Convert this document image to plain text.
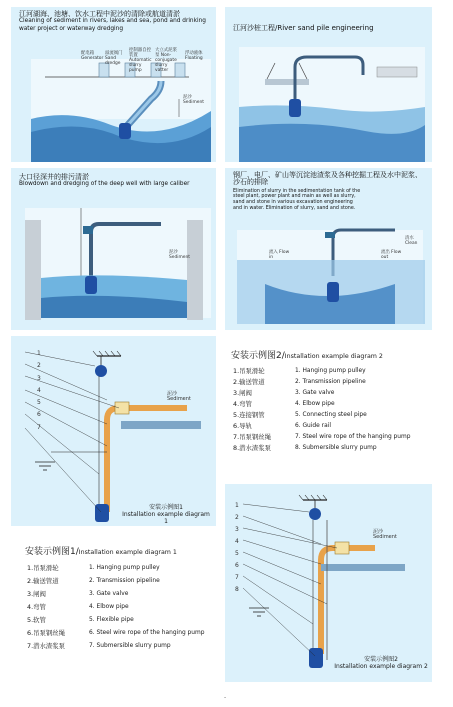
江河湖海、池塘、饮水工程中泥沙的清除或航道清淤
Cleaning of sediment in rivers, lakes and sea, pond and drinking water project or waterway dredging
泥沙
Sediment
配电箱 Generator
溢流阀门 Sand dredge
控制器自控装置 Automatic slurry pump
大立式泥浆泵 Non-conjugate slurry vatter
浮动液体 Floating
江河沙桩工程/River sand pile engineering
大口径深井的排污清淤
Blowdown and dredging of the deep well with large caliber
泥沙
Sediment
钢厂、电厂、矿山等沉淀池渣浆及各种挖掘工程及水中泥浆、沙石的排除
Elimination of slurry in the sedimentation tank of the steel plant, power plant and main as well as slurry, sand and stone in various excavation engineering and in water. Elimination of slurry, sand and stone.
流入 Flow in
流出 Flow out
清水 Clean
1
2
3
4
5
6
7
泥沙
Sediment
安装示例图1
Installation example diagram 1
安装示例图2/Installation example diagram 2
1.吊泵滑轮	1. Hanging pump pulley
2.输送管道	2. Transmission pipeline
3.闸阀	3. Gate valve
4.弯管	4. Elbow pipe
5.连接钢管	5. Connecting steel pipe
6.导轨	6. Guide rail
7.吊泵钢丝绳	7. Steel wire rope of the hanging pump
8.潜水渣浆泵	8. Submersible slurry pump
安装示例图1/Installation example diagram 1
1.吊泵滑轮	1. Hanging pump pulley
2.输送管道	2. Transmission pipeline
3.闸阀	3. Gate valve
4.弯管	4. Elbow pipe
5.软管	5. Flexible pipe
6.吊泵钢丝绳	6. Steel wire rope of the hanging pump
7.潜水渣浆泵	7. Submersible slurry pump
1
2
3
4
5
6
7
8
泥沙
Sediment
安装示例图2
Installation example diagram 2
-
